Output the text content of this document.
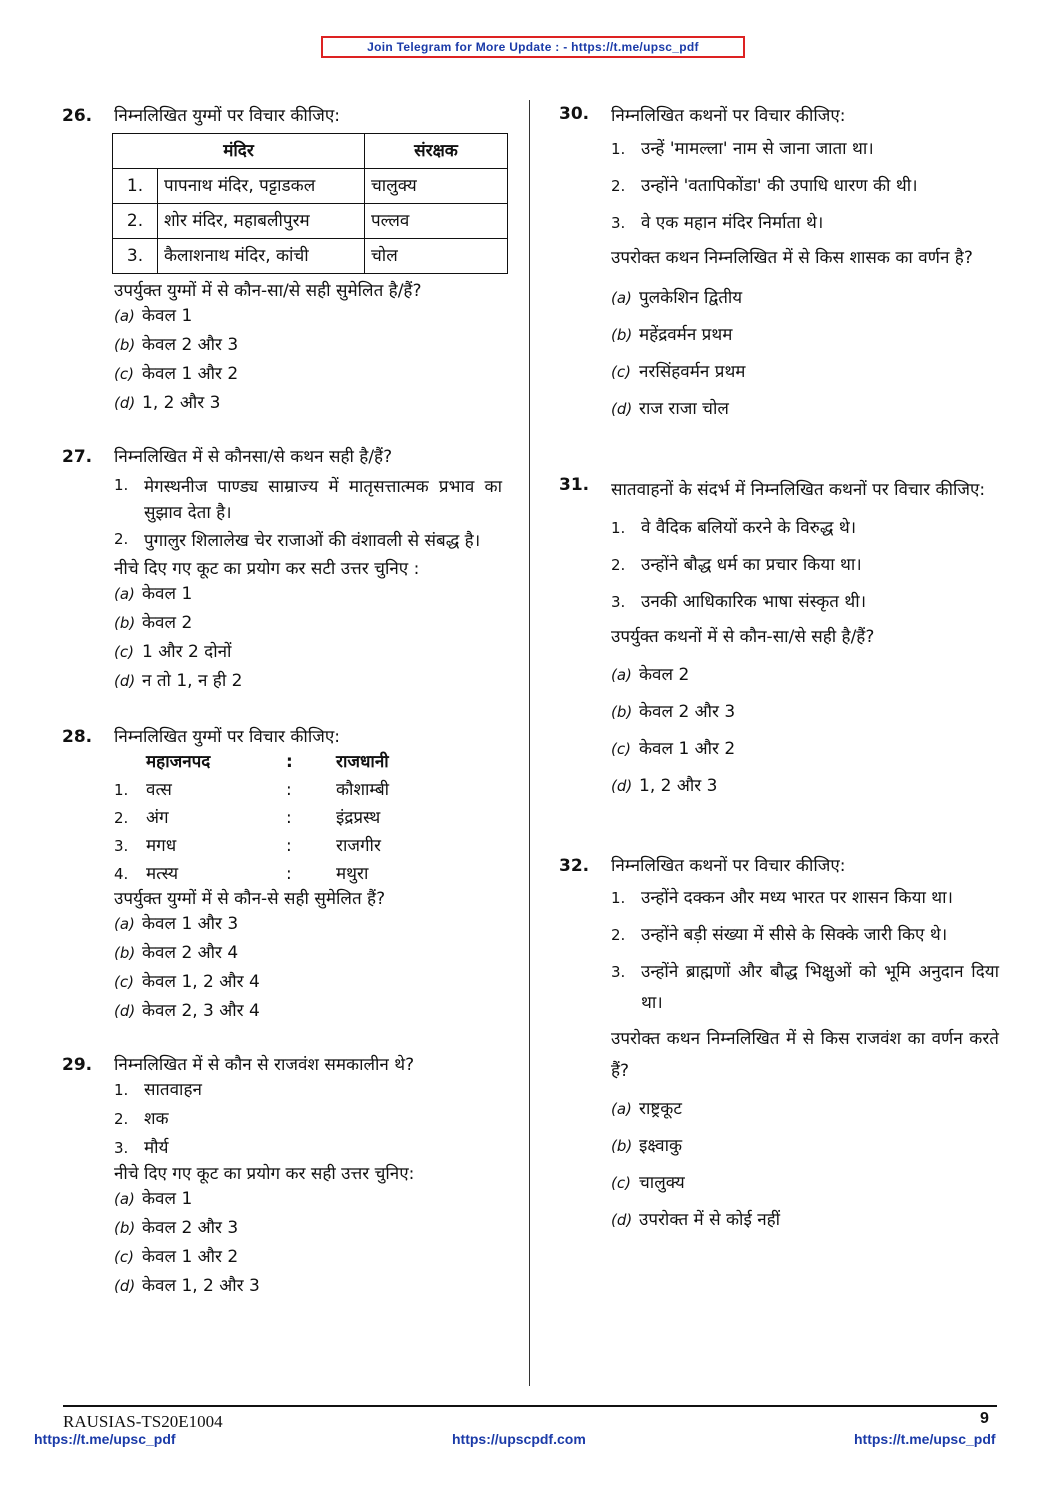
Join Telegram for More Update : - https://t.me/upsc_pdf
26. निम्नलिखित युग्मों पर विचार कीजिए:
मंदिर		संरक्षक
1.	पापनाथ मंदिर, पट्टाडकल	चालुक्य
2.	शोर मंदिर, महाबलीपुरम	पल्लव
3.	कैलाशनाथ मंदिर, कांची	चोल
उपर्युक्त युग्मों में से कौन-सा/से सही सुमेलित है/हैं?
(a) केवल 1
(b) केवल 2 और 3
(c) केवल 1 और 2
(d) 1, 2 और 3
27. निम्नलिखित में से कौनसा/से कथन सही है/हैं?
1. मेगस्थनीज पाण्ड्य साम्राज्य में मातृसत्तात्मक प्रभाव का सुझाव देता है।
2. पुगालुर शिलालेख चेर राजाओं की वंशावली से संबद्ध है।
नीचे दिए गए कूट का प्रयोग कर सटी उत्तर चुनिए :
(a) केवल 1
(b) केवल 2
(c) 1 और 2 दोनों
(d) न तो 1, न ही 2
28. निम्नलिखित युग्मों पर विचार कीजिए:
	महाजनपद	:	राजधानी
1.	वत्स	:	कौशाम्बी
2.	अंग	:	इंद्रप्रस्थ
3.	मगध	:	राजगीर
4.	मत्स्य	:	मथुरा
उपर्युक्त युग्मों में से कौन-से सही सुमेलित हैं?
(a) केवल 1 और 3
(b) केवल 2 और 4
(c) केवल 1, 2 और 4
(d) केवल 2, 3 और 4
29. निम्नलिखित में से कौन से राजवंश समकालीन थे?
1. सातवाहन
2. शक
3. मौर्य
नीचे दिए गए कूट का प्रयोग कर सही उत्तर चुनिए:
(a) केवल 1
(b) केवल 2 और 3
(c) केवल 1 और 2
(d) केवल 1, 2 और 3
30. निम्नलिखित कथनों पर विचार कीजिए:
1. उन्हें 'मामल्ला' नाम से जाना जाता था।
2. उन्होंने 'वतापिकोंडा' की उपाधि धारण की थी।
3. वे एक महान मंदिर निर्माता थे।
उपरोक्त कथन निम्नलिखित में से किस शासक का वर्णन है?
(a) पुलकेशिन द्वितीय
(b) महेंद्रवर्मन प्रथम
(c) नरसिंहवर्मन प्रथम
(d) राज राजा चोल
31. सातवाहनों के संदर्भ में निम्नलिखित कथनों पर विचार कीजिए:
1. वे वैदिक बलियों करने के विरुद्ध थे।
2. उन्होंने बौद्ध धर्म का प्रचार किया था।
3. उनकी आधिकारिक भाषा संस्कृत थी।
उपर्युक्त कथनों में से कौन-सा/से सही है/हैं?
(a) केवल 2
(b) केवल 2 और 3
(c) केवल 1 और 2
(d) 1, 2 और 3
32. निम्नलिखित कथनों पर विचार कीजिए:
1. उन्होंने दक्कन और मध्य भारत पर शासन किया था।
2. उन्होंने बड़ी संख्या में सीसे के सिक्के जारी किए थे।
3. उन्होंने ब्राह्मणों और बौद्ध भिक्षुओं को भूमि अनुदान दिया था।
उपरोक्त कथन निम्नलिखित में से किस राजवंश का वर्णन करते हैं?
(a) राष्ट्रकूट
(b) इक्ष्वाकु
(c) चालुक्य
(d) उपरोक्त में से कोई नहीं
RAUSIAS-TS20E1004	9
https://t.me/upsc_pdf	https://upscpdf.com	https://t.me/upsc_pdf
